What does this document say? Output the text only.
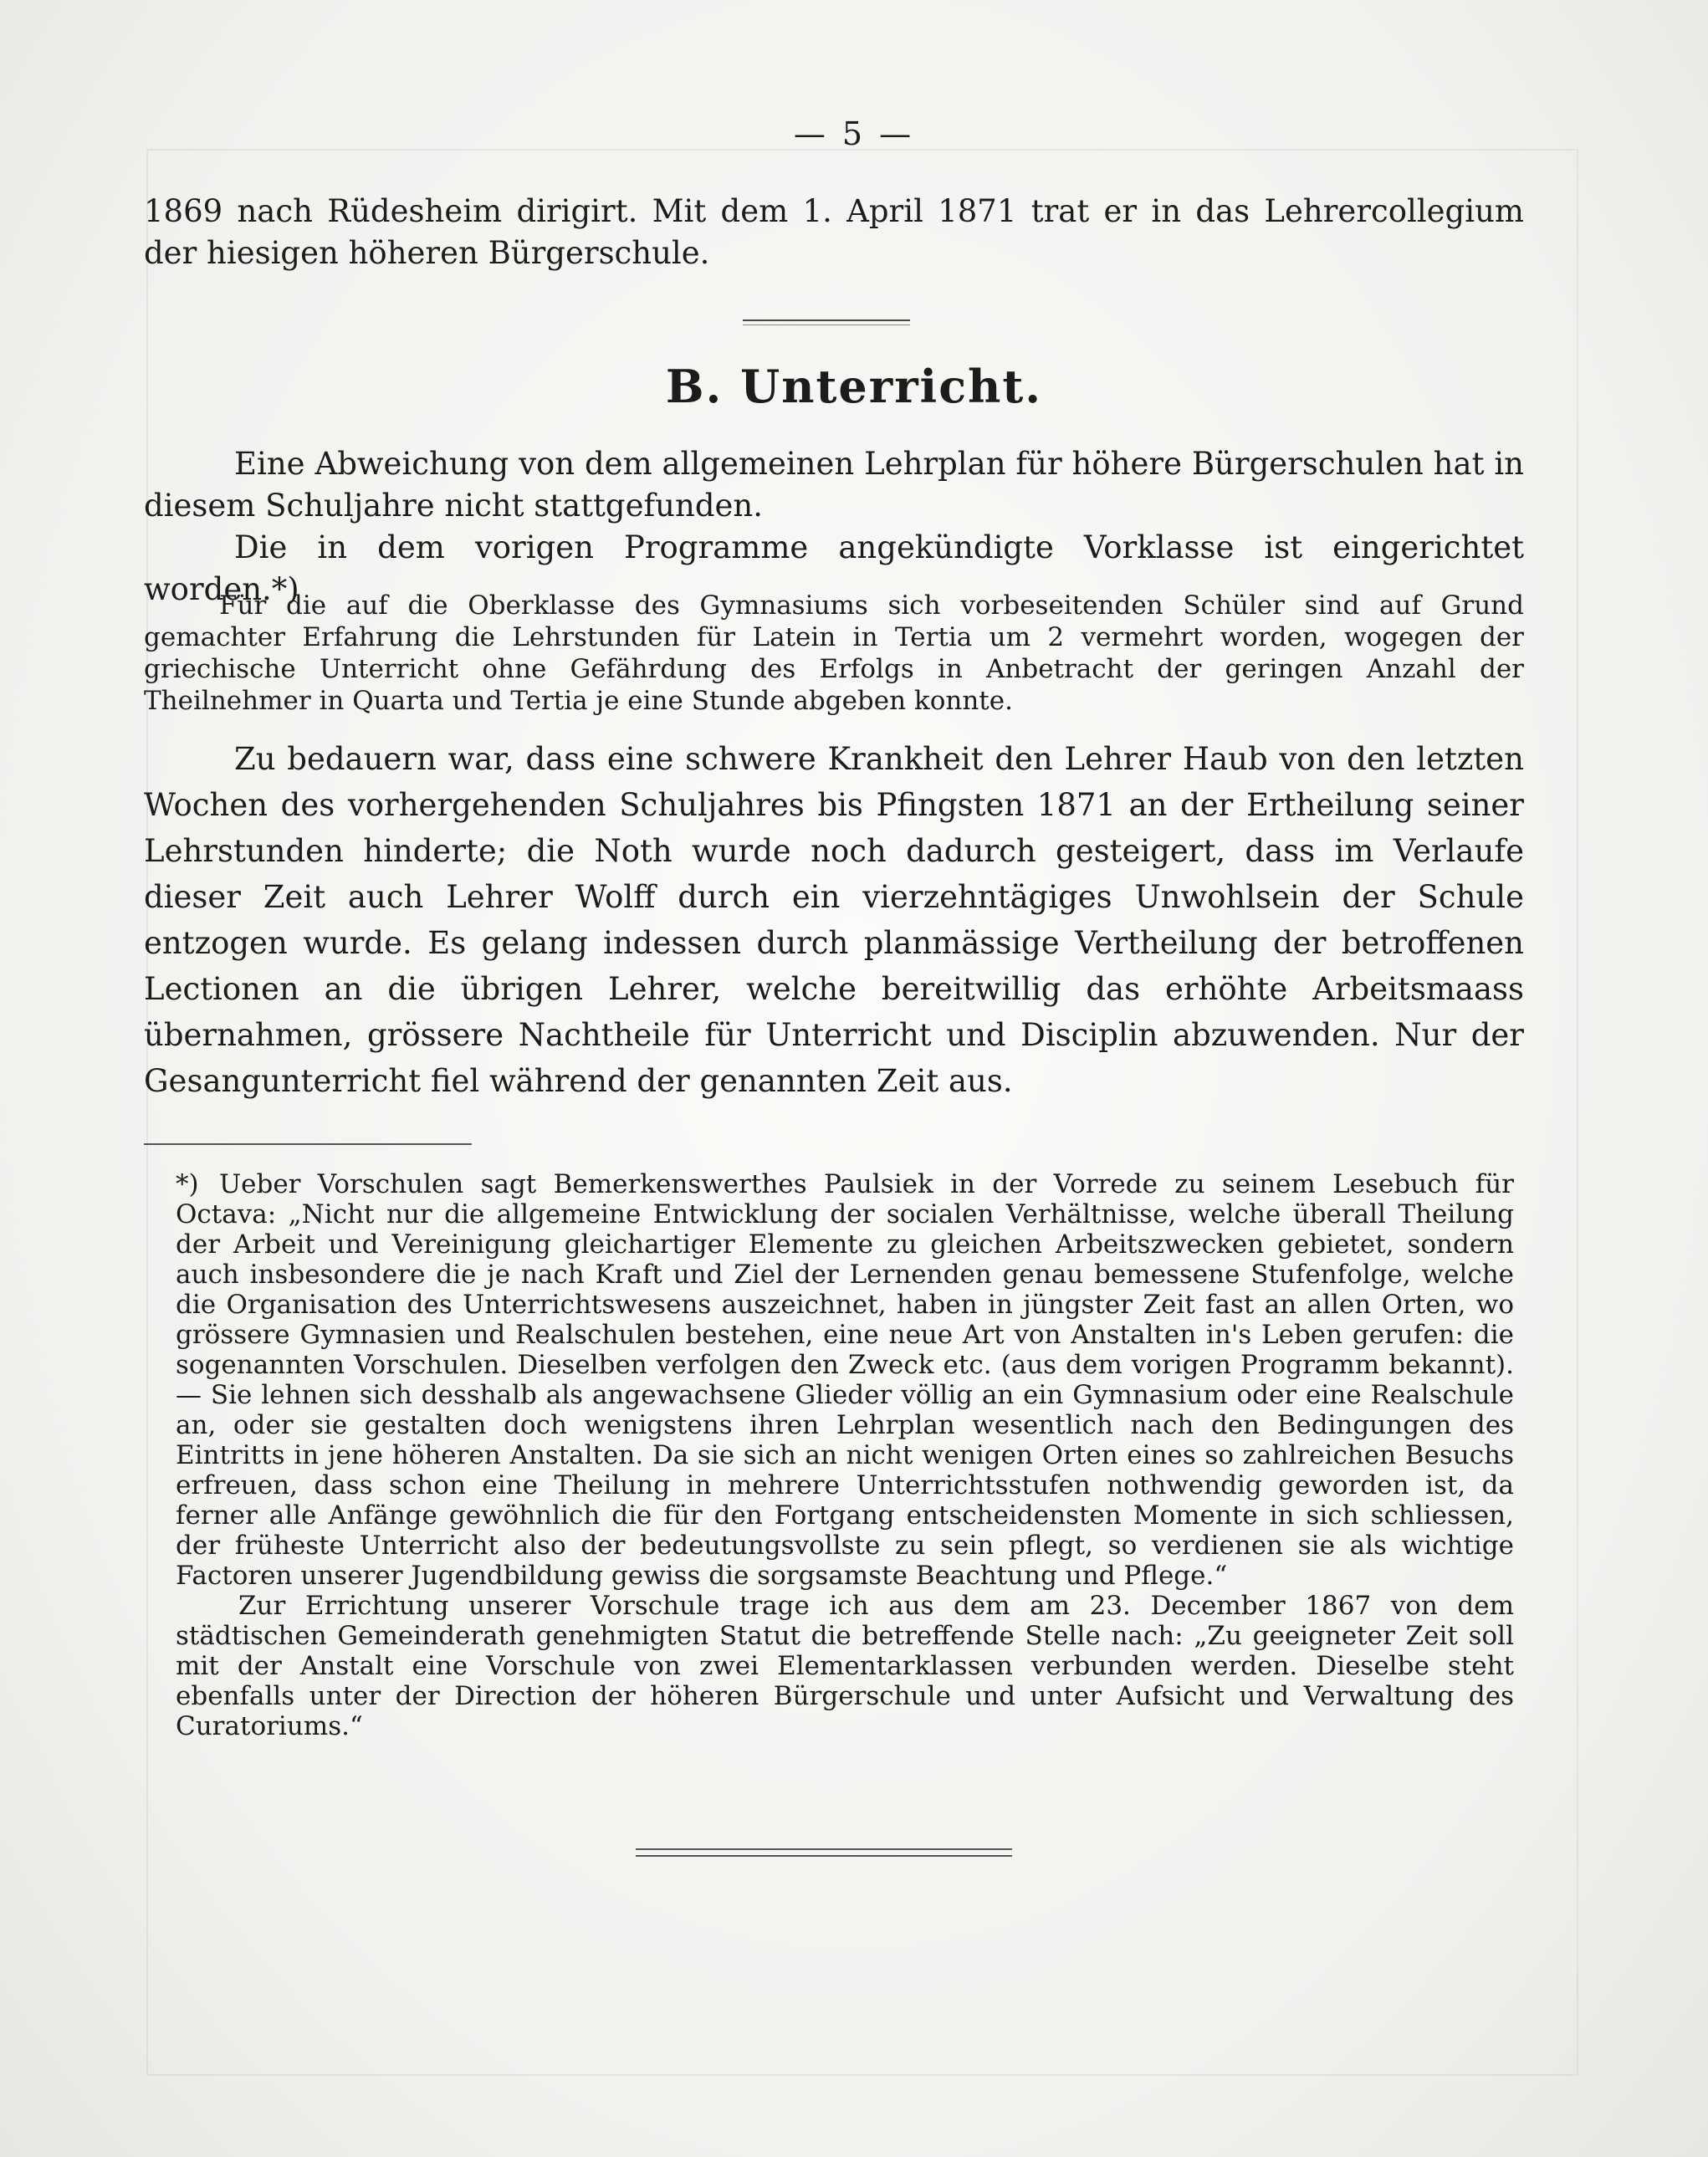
— 5 —

1869 nach Rüdesheim dirigirt. Mit dem 1. April 1871 trat er in das Lehrercollegium der hiesigen höheren Bürgerschule.

B. Unterricht.

Eine Abweichung von dem allgemeinen Lehrplan für höhere Bürgerschulen hat in diesem Schuljahre nicht stattgefunden.

Die in dem vorigen Programme angekündigte Vorklasse ist eingerichtet worden.*)

Für die auf die Oberklasse des Gymnasiums sich vorbeseitenden Schüler sind auf Grund gemachter Erfahrung die Lehrstunden für Latein in Tertia um 2 vermehrt worden, wogegen der griechische Unterricht ohne Gefährdung des Erfolgs in Anbetracht der geringen Anzahl der Theilnehmer in Quarta und Tertia je eine Stunde abgeben konnte.

Zu bedauern war, dass eine schwere Krankheit den Lehrer Haub von den letzten Wochen des vorhergehenden Schuljahres bis Pfingsten 1871 an der Ertheilung seiner Lehrstunden hinderte; die Noth wurde noch dadurch gesteigert, dass im Verlaufe dieser Zeit auch Lehrer Wolff durch ein vierzehntägiges Unwohlsein der Schule entzogen wurde. Es gelang indessen durch planmässige Vertheilung der betroffenen Lectionen an die übrigen Lehrer, welche bereitwillig das erhöhte Arbeitsmaass übernahmen, grössere Nachtheile für Unterricht und Disciplin abzuwenden. Nur der Gesangunterricht fiel während der genannten Zeit aus.

*) Ueber Vorschulen sagt Bemerkenswerthes Paulsiek in der Vorrede zu seinem Lesebuch für Octava: „Nicht nur die allgemeine Entwicklung der socialen Verhältnisse, welche überall Theilung der Arbeit und Vereinigung gleichartiger Elemente zu gleichen Arbeitszwecken gebietet, sondern auch insbesondere die je nach Kraft und Ziel der Lernenden genau bemessene Stufenfolge, welche die Organisation des Unterrichtswesens auszeichnet, haben in jüngster Zeit fast an allen Orten, wo grössere Gymnasien und Realschulen bestehen, eine neue Art von Anstalten in's Leben gerufen: die sogenannten Vorschulen. Dieselben verfolgen den Zweck etc. (aus dem vorigen Programm bekannt). — Sie lehnen sich desshalb als angewachsene Glieder völlig an ein Gymnasium oder eine Realschule an, oder sie gestalten doch wenigstens ihren Lehrplan wesentlich nach den Bedingungen des Eintritts in jene höheren Anstalten. Da sie sich an nicht wenigen Orten eines so zahlreichen Besuchs erfreuen, dass schon eine Theilung in mehrere Unterrichtsstufen nothwendig geworden ist, da ferner alle Anfänge gewöhnlich die für den Fortgang entscheidensten Momente in sich schliessen, der früheste Unterricht also der bedeutungsvollste zu sein pflegt, so verdienen sie als wichtige Factoren unserer Jugendbildung gewiss die sorgsamste Beachtung und Pflege.“

Zur Errichtung unserer Vorschule trage ich aus dem am 23. December 1867 von dem städtischen Gemeinderath genehmigten Statut die betreffende Stelle nach: „Zu geeigneter Zeit soll mit der Anstalt eine Vorschule von zwei Elementarklassen verbunden werden. Dieselbe steht ebenfalls unter der Direction der höheren Bürgerschule und unter Aufsicht und Verwaltung des Curatoriums.“
